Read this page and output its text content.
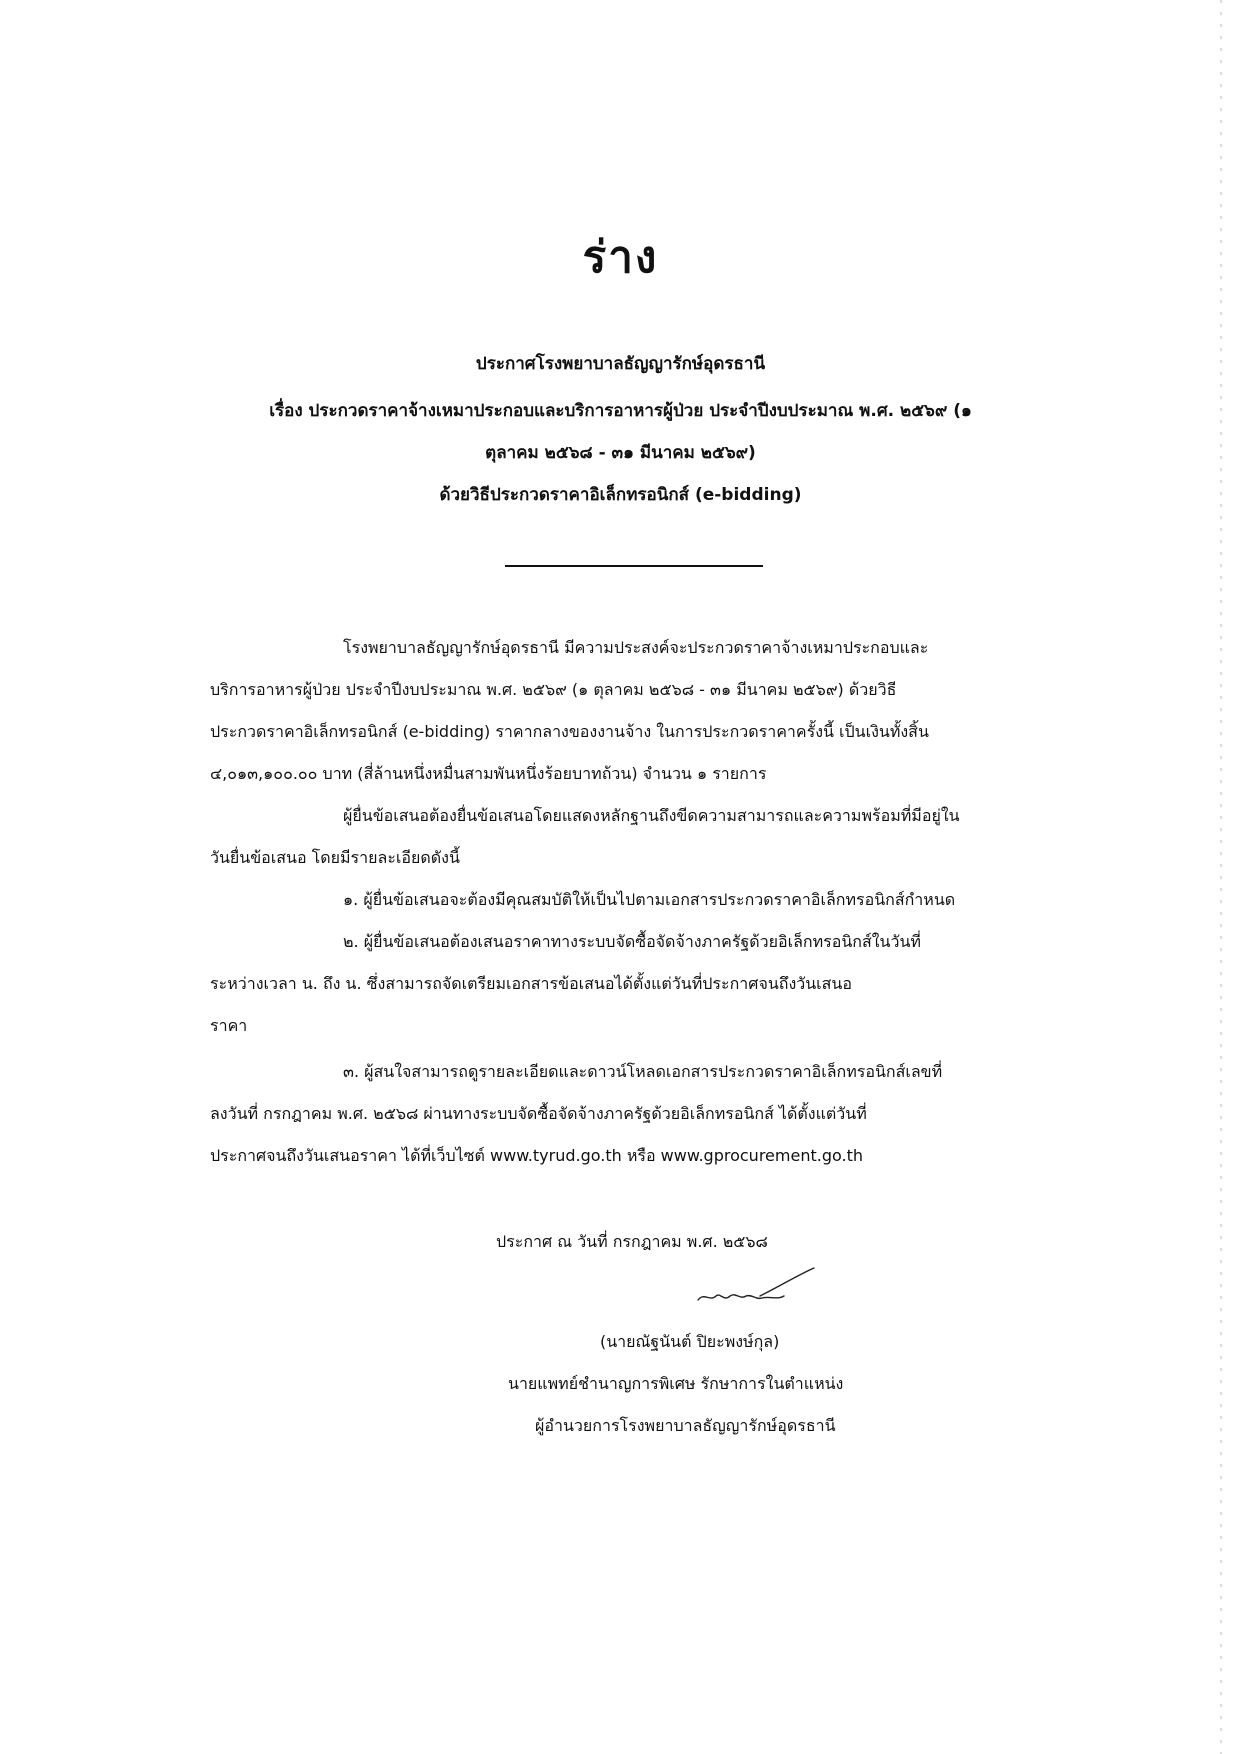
ร่าง
ประกาศโรงพยาบาลธัญญารักษ์อุดรธานี
เรื่อง ประกวดราคาจ้างเหมาประกอบและบริการอาหารผู้ป่วย ประจำปีงบประมาณ พ.ศ. ๒๕๖๙ (๑
ตุลาคม ๒๕๖๘ - ๓๑ มีนาคม ๒๕๖๙)
ด้วยวิธีประกวดราคาอิเล็กทรอนิกส์ (e-bidding)
โรงพยาบาลธัญญารักษ์อุดรธานี มีความประสงค์จะประกวดราคาจ้างเหมาประกอบและ
บริการอาหารผู้ป่วย ประจำปีงบประมาณ พ.ศ. ๒๕๖๙ (๑ ตุลาคม ๒๕๖๘ - ๓๑ มีนาคม ๒๕๖๙) ด้วยวิธี
ประกวดราคาอิเล็กทรอนิกส์ (e-bidding) ราคากลางของงานจ้าง ในการประกวดราคาครั้งนี้ เป็นเงินทั้งสิ้น
๔,๐๑๓,๑๐๐.๐๐ บาท (สี่ล้านหนึ่งหมื่นสามพันหนึ่งร้อยบาทถ้วน) จำนวน ๑ รายการ
ผู้ยื่นข้อเสนอต้องยื่นข้อเสนอโดยแสดงหลักฐานถึงขีดความสามารถและความพร้อมที่มีอยู่ใน
วันยื่นข้อเสนอ โดยมีรายละเอียดดังนี้
๑. ผู้ยื่นข้อเสนอจะต้องมีคุณสมบัติให้เป็นไปตามเอกสารประกวดราคาอิเล็กทรอนิกส์กำหนด
๒. ผู้ยื่นข้อเสนอต้องเสนอราคาทางระบบจัดซื้อจัดจ้างภาครัฐด้วยอิเล็กทรอนิกส์ในวันที่
ระหว่างเวลา น. ถึง น. ซึ่งสามารถจัดเตรียมเอกสารข้อเสนอได้ตั้งแต่วันที่ประกาศจนถึงวันเสนอ
ราคา
๓. ผู้สนใจสามารถดูรายละเอียดและดาวน์โหลดเอกสารประกวดราคาอิเล็กทรอนิกส์เลขที่
ลงวันที่ กรกฎาคม พ.ศ. ๒๕๖๘ ผ่านทางระบบจัดซื้อจัดจ้างภาครัฐด้วยอิเล็กทรอนิกส์ ได้ตั้งแต่วันที่
ประกาศจนถึงวันเสนอราคา ได้ที่เว็บไซต์ www.tyrud.go.th หรือ www.gprocurement.go.th
ประกาศ ณ วันที่ กรกฎาคม พ.ศ. ๒๕๖๘
(นายณัฐนันต์ ปิยะพงษ์กุล)
นายแพทย์ชำนาญการพิเศษ รักษาการในตำแหน่ง
ผู้อำนวยการโรงพยาบาลธัญญารักษ์อุดรธานี
